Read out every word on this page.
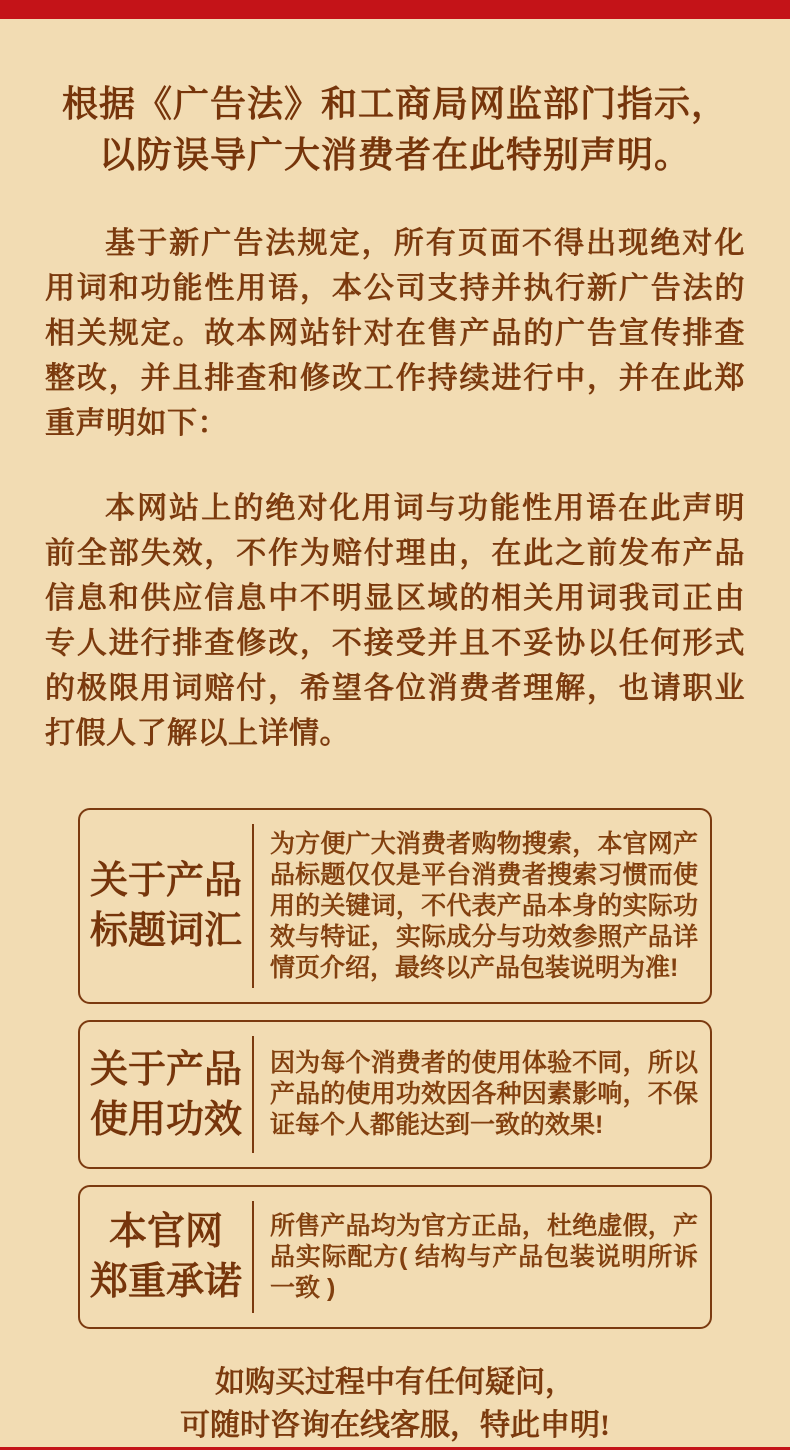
根据《广告法》和工商局网监部门指示，
以防误导广大消费者在此特别声明。
基于新广告法规定，所有页面不得出现绝对化用词和功能性用语，本公司支持并执行新广告法的相关规定。故本网站针对在售产品的广告宣传排查整改，并且排查和修改工作持续进行中，并在此郑重声明如下：
本网站上的绝对化用词与功能性用语在此声明前全部失效，不作为赔付理由，在此之前发布产品信息和供应信息中不明显区域的相关用词我司正由专人进行排查修改，不接受并且不妥协以任何形式的极限用词赔付，希望各位消费者理解，也请职业打假人了解以上详情。
关于产品
标题词汇
为方便广大消费者购物搜索，本官网产品标题仅仅是平台消费者搜索习惯而使用的关键词，不代表产品本身的实际功效与特证，实际成分与功效参照产品详情页介绍，最终以产品包装说明为准!
关于产品
使用功效
因为每个消费者的使用体验不同，所以产品的使用功效因各种因素影响，不保证每个人都能达到一致的效果!
本官网
郑重承诺
所售产品均为官方正品，杜绝虚假，产品实际配方( 结构与产品包装说明所诉一致 )
如购买过程中有任何疑问，
可随时咨询在线客服，特此申明!
